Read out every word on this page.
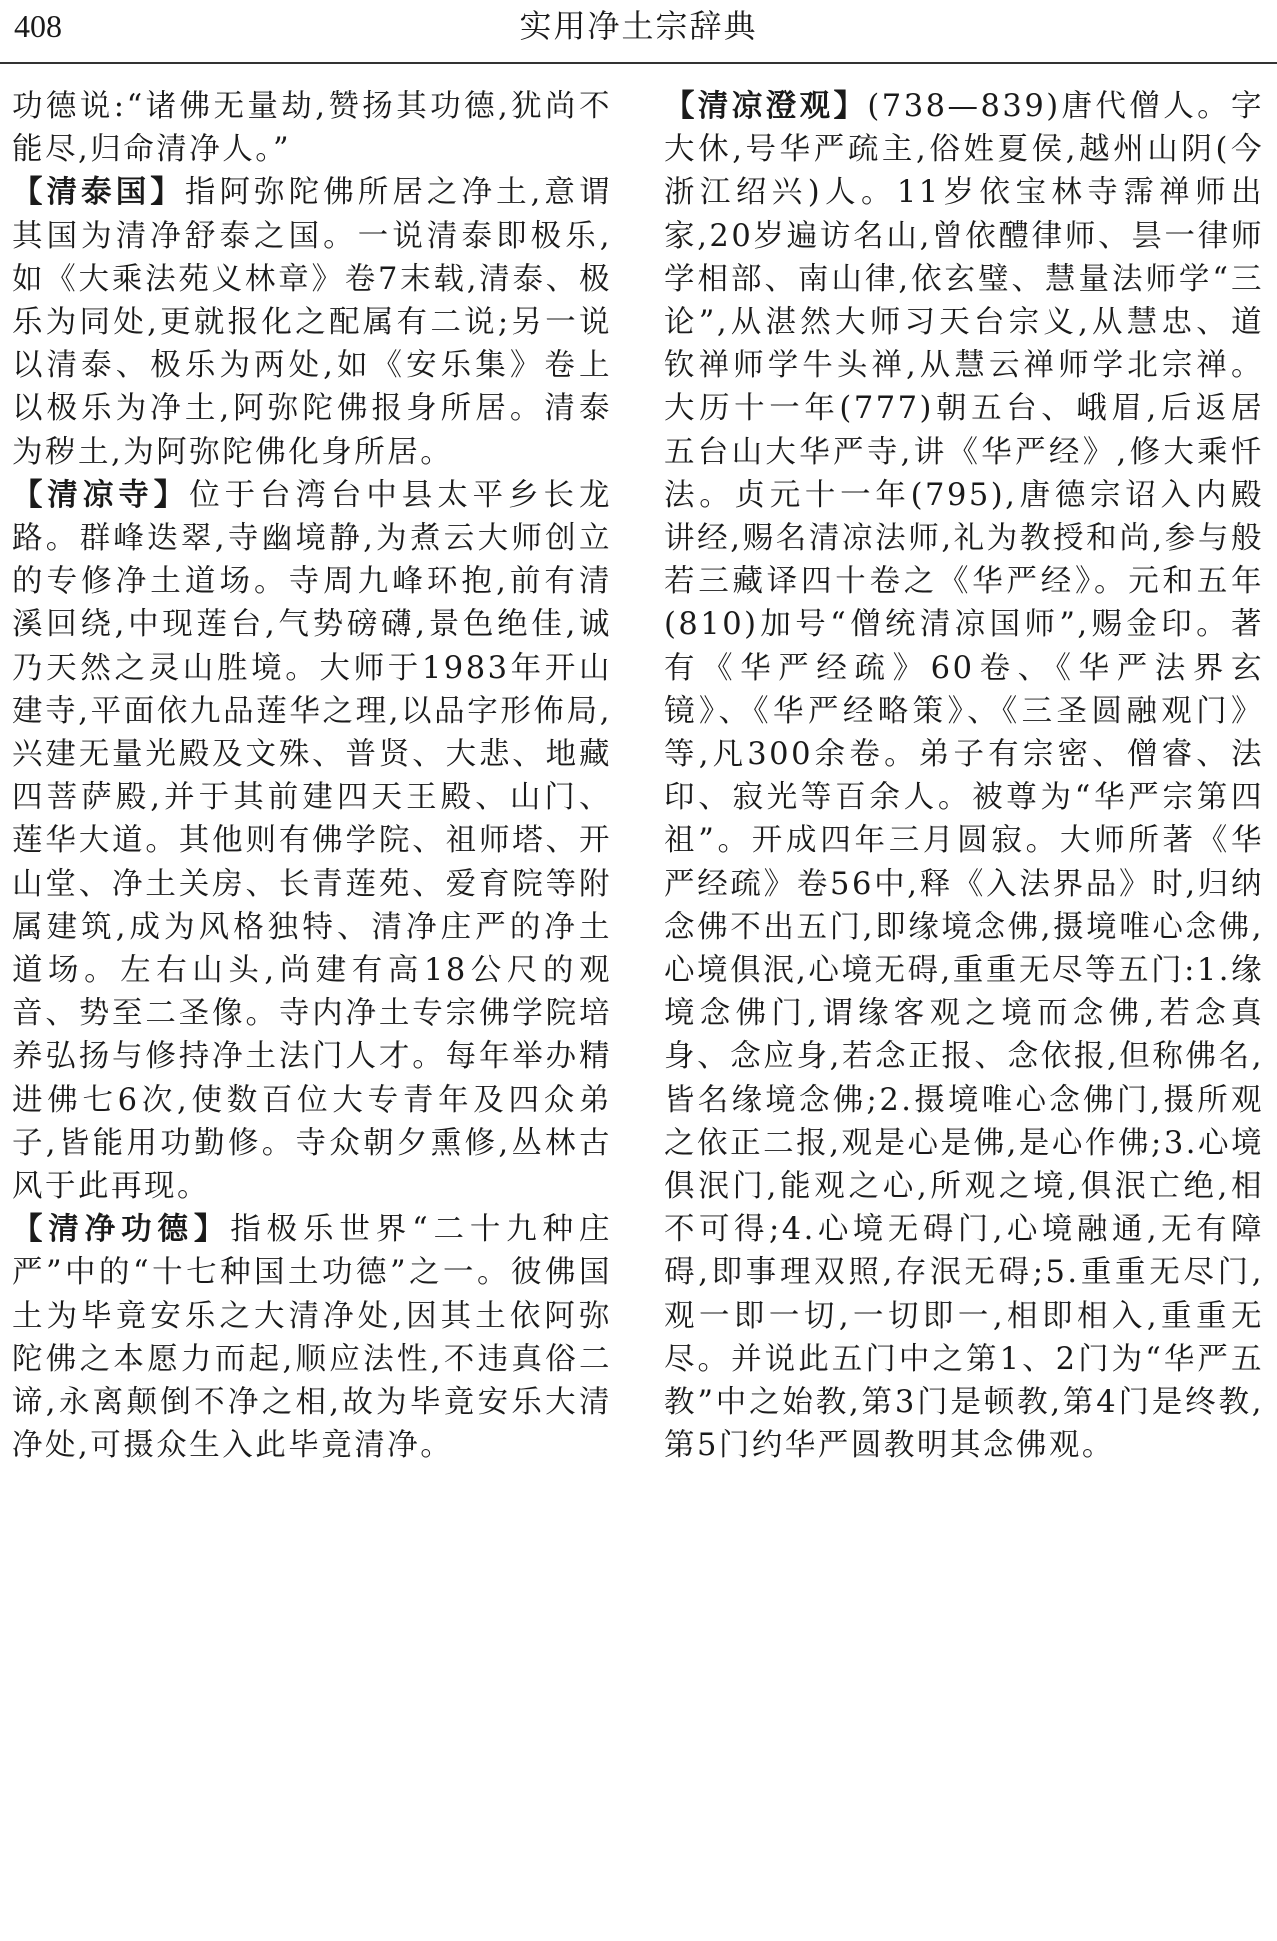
408	实用净土宗辞典

功德说:“诸佛无量劫,赞扬其功德,犹尚不能尽,归命清净人。”

【清泰国】指阿弥陀佛所居之净土,意谓其国为清净舒泰之国。一说清泰即极乐,如《大乘法苑义林章》卷7末载,清泰、极乐为同处,更就报化之配属有二说;另一说以清泰、极乐为两处,如《安乐集》卷上以极乐为净土,阿弥陀佛报身所居。清泰为秽土,为阿弥陀佛化身所居。

【清凉寺】位于台湾台中县太平乡长龙路。群峰迭翠,寺幽境静,为煮云大师创立的专修净土道场。寺周九峰环抱,前有清溪回绕,中现莲台,气势磅礴,景色绝佳,诚乃天然之灵山胜境。大师于1983年开山建寺,平面依九品莲华之理,以品字形佈局,兴建无量光殿及文殊、普贤、大悲、地藏四菩萨殿,并于其前建四天王殿、山门、莲华大道。其他则有佛学院、祖师塔、开山堂、净土关房、长青莲苑、爱育院等附属建筑,成为风格独特、清净庄严的净土道场。左右山头,尚建有高18公尺的观音、势至二圣像。寺内净土专宗佛学院培养弘扬与修持净土法门人才。每年举办精进佛七6次,使数百位大专青年及四众弟子,皆能用功勤修。寺众朝夕熏修,丛林古风于此再现。

【清净功德】指极乐世界“二十九种庄严”中的“十七种国土功德”之一。彼佛国土为毕竟安乐之大清净处,因其土依阿弥陀佛之本愿力而起,顺应法性,不违真俗二谛,永离颠倒不净之相,故为毕竟安乐大清净处,可摄众生入此毕竟清净。

【清凉澄观】(738—839)唐代僧人。字大休,号华严疏主,俗姓夏侯,越州山阴(今浙江绍兴)人。11岁依宝林寺霈禅师出家,20岁遍访名山,曾依醴律师、昙一律师学相部、南山律,依玄璧、慧量法师学“三论”,从湛然大师习天台宗义,从慧忠、道钦禅师学牛头禅,从慧云禅师学北宗禅。大历十一年(777)朝五台、峨眉,后返居五台山大华严寺,讲《华严经》,修大乘忏法。贞元十一年(795),唐德宗诏入内殿讲经,赐名清凉法师,礼为教授和尚,参与般若三藏译四十卷之《华严经》。元和五年(810)加号“僧统清凉国师”,赐金印。著有《华严经疏》60卷、《华严法界玄镜》、《华严经略策》、《三圣圆融观门》等,凡300余卷。弟子有宗密、僧睿、法印、寂光等百余人。被尊为“华严宗第四祖”。开成四年三月圆寂。大师所著《华严经疏》卷56中,释《入法界品》时,归纳念佛不出五门,即缘境念佛,摄境唯心念佛,心境俱泯,心境无碍,重重无尽等五门:1.缘境念佛门,谓缘客观之境而念佛,若念真身、念应身,若念正报、念依报,但称佛名,皆名缘境念佛;2.摄境唯心念佛门,摄所观之依正二报,观是心是佛,是心作佛;3.心境俱泯门,能观之心,所观之境,俱泯亡绝,相不可得;4.心境无碍门,心境融通,无有障碍,即事理双照,存泯无碍;5.重重无尽门,观一即一切,一切即一,相即相入,重重无尽。并说此五门中之第1、2门为“华严五教”中之始教,第3门是顿教,第4门是终教,第5门约华严圆教明其念佛观。
